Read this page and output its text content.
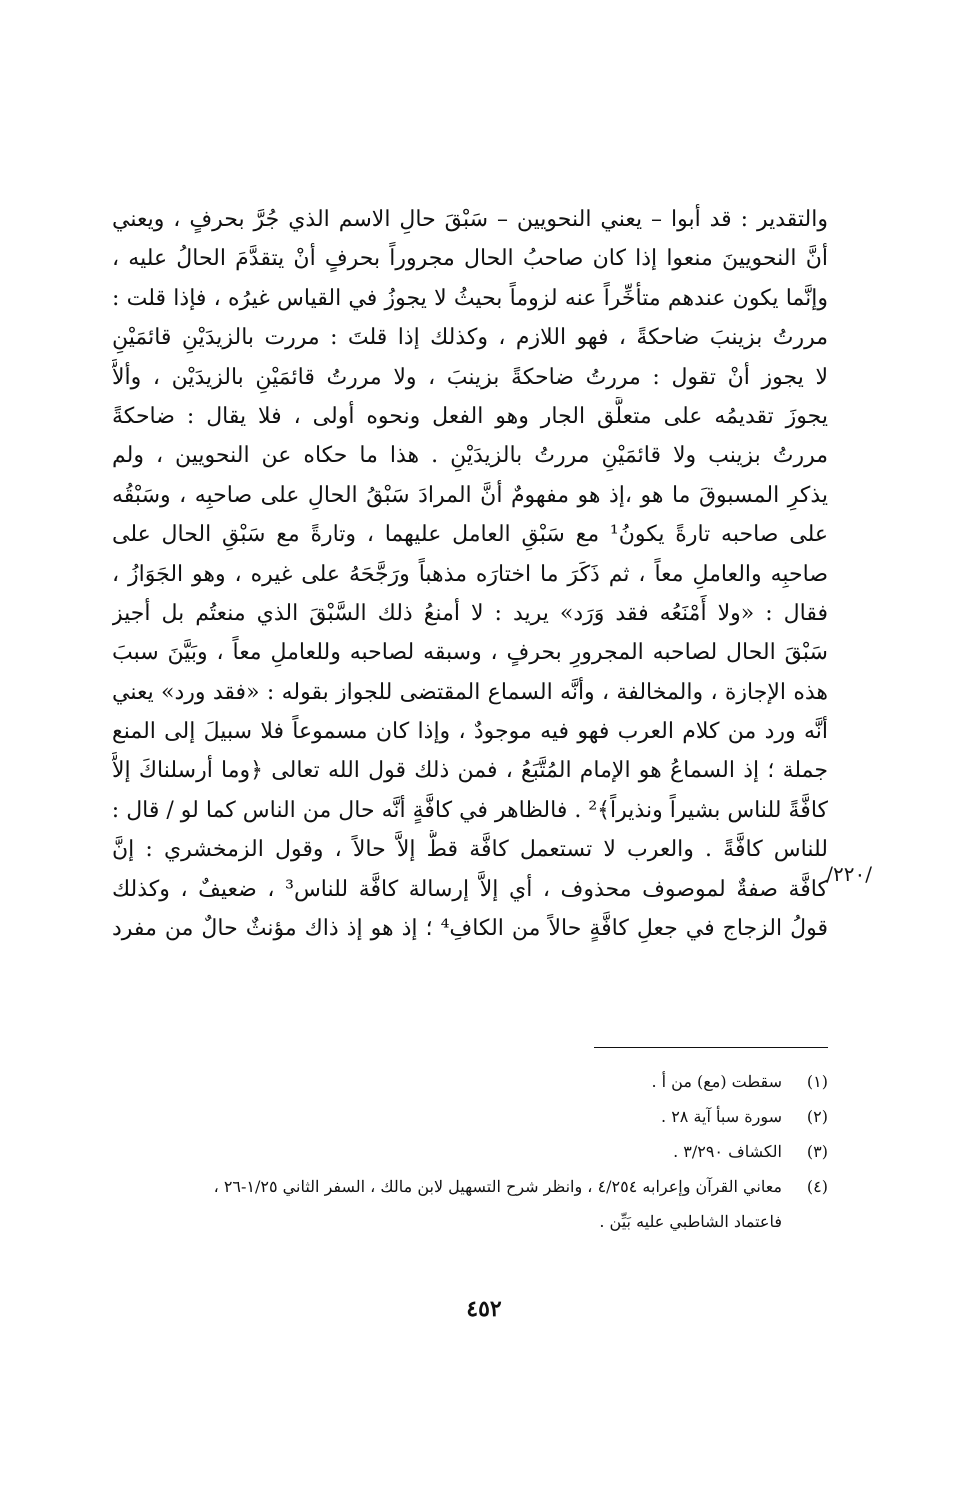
والتقدير : قد أبوا – يعني النحويين – سَبْقَ حالِ الاسم الذي جُرَّ بحرفٍ ، ويعني
أنَّ النحويينَ منعوا إذا كان صاحبُ الحال مجروراً بحرفٍ أنْ يتقدَّمَ الحالُ عليه ،
وإنَّما يكون عندهم متأخِّراً عنه لزوماً بحيثُ لا يجوزُ في القياس غيرُه ، فإذا قلت :
مررتُ بزينبَ ضاحكةً ، فهو اللازم ، وكذلك إذا قلتَ : مررت بالزيدَيْنِ قائمَيْنِ
لا يجوز أنْ تقول : مررتُ ضاحكةً بزينبَ ، ولا مررتُ قائمَيْنِ بالزيدَيْن ، وألاَّ
يجوزَ تقديمُه على متعلَّق الجار وهو الفعل ونحوه أولى ، فلا يقال : ضاحكةً
مررتُ بزينب ولا قائمَيْنِ مررتُ بالزيدَيْنِ . هذا ما حكاه عن النحويين ، ولم
يذكرِ المسبوقَ ما هو ،إذ هو مفهومٌ أنَّ المرادَ سَبْقُ الحالِ على صاحبِه ، وسَبْقُه
على صاحبه تارةً يكونُ¹ مع سَبْقِ العامل عليهما ، وتارةً مع سَبْقِ الحال على
صاحبِه والعاملِ معاً ، ثم ذَكَرَ ما اختارَه مذهباً ورَجَّحَهُ على غيره ، وهو الجَوَازُ ،
فقال : «ولا أَمْنَعُه فقد وَرَد» يريد : لا أمنعُ ذلك السَّبْقَ الذي منعتُم بل أجيز
سَبْقَ الحال لصاحبه المجرورِ بحرفٍ ، وسبقه لصاحبه وللعاملِ معاً ، وبَيَّنَ سببَ
هذه الإجازة ، والمخالفة ، وأنَّه السماع المقتضى للجواز بقوله : «فقد ورد» يعني
أنَّه ورد من كلام العرب فهو فيه موجودٌ ، وإذا كان مسموعاً فلا سبيلَ إلى المنع
جملة ؛ إذ السماعُ هو الإمام المُتَّبَعُ ، فمن ذلك قول الله تعالى ﴿وما أرسلناكَ إلاَّ
كافَّةً للناس بشيراً ونذيراً﴾² . فالظاهر في كافَّةٍ أنَّه حال من الناس كما لو / قال :
للناس كافَّةً . والعرب لا تستعمل كافَّة قطُّ إلاَّ حالاً ، وقول الزمخشري : إنَّ
كافَّة صفةٌ لموصوف محذوف ، أي إلاَّ إرسالة كافَّة للناس³ ، ضعيفٌ ، وكذلك
قولُ الزجاج في جعلِ كافَّةٍ حالاً من الكافِ⁴ ؛ إذ هو إذ ذاك مؤنثٌ حالٌ من مفرد
/٢٢٠/
(١)
سقطت (مع) من أ .
(٢)
سورة سبأ آية ٢٨ .
(٣)
الكشاف ٣/٢٩٠ .
(٤)
معاني القرآن وإعرابه ٤/٢٥٤ ، وانظر شرح التسهيل لابن مالك ، السفر الثاني ١/٢٥-٢٦ ،
فاعتماد الشاطبي عليه بَيِّن .
٤٥٢
